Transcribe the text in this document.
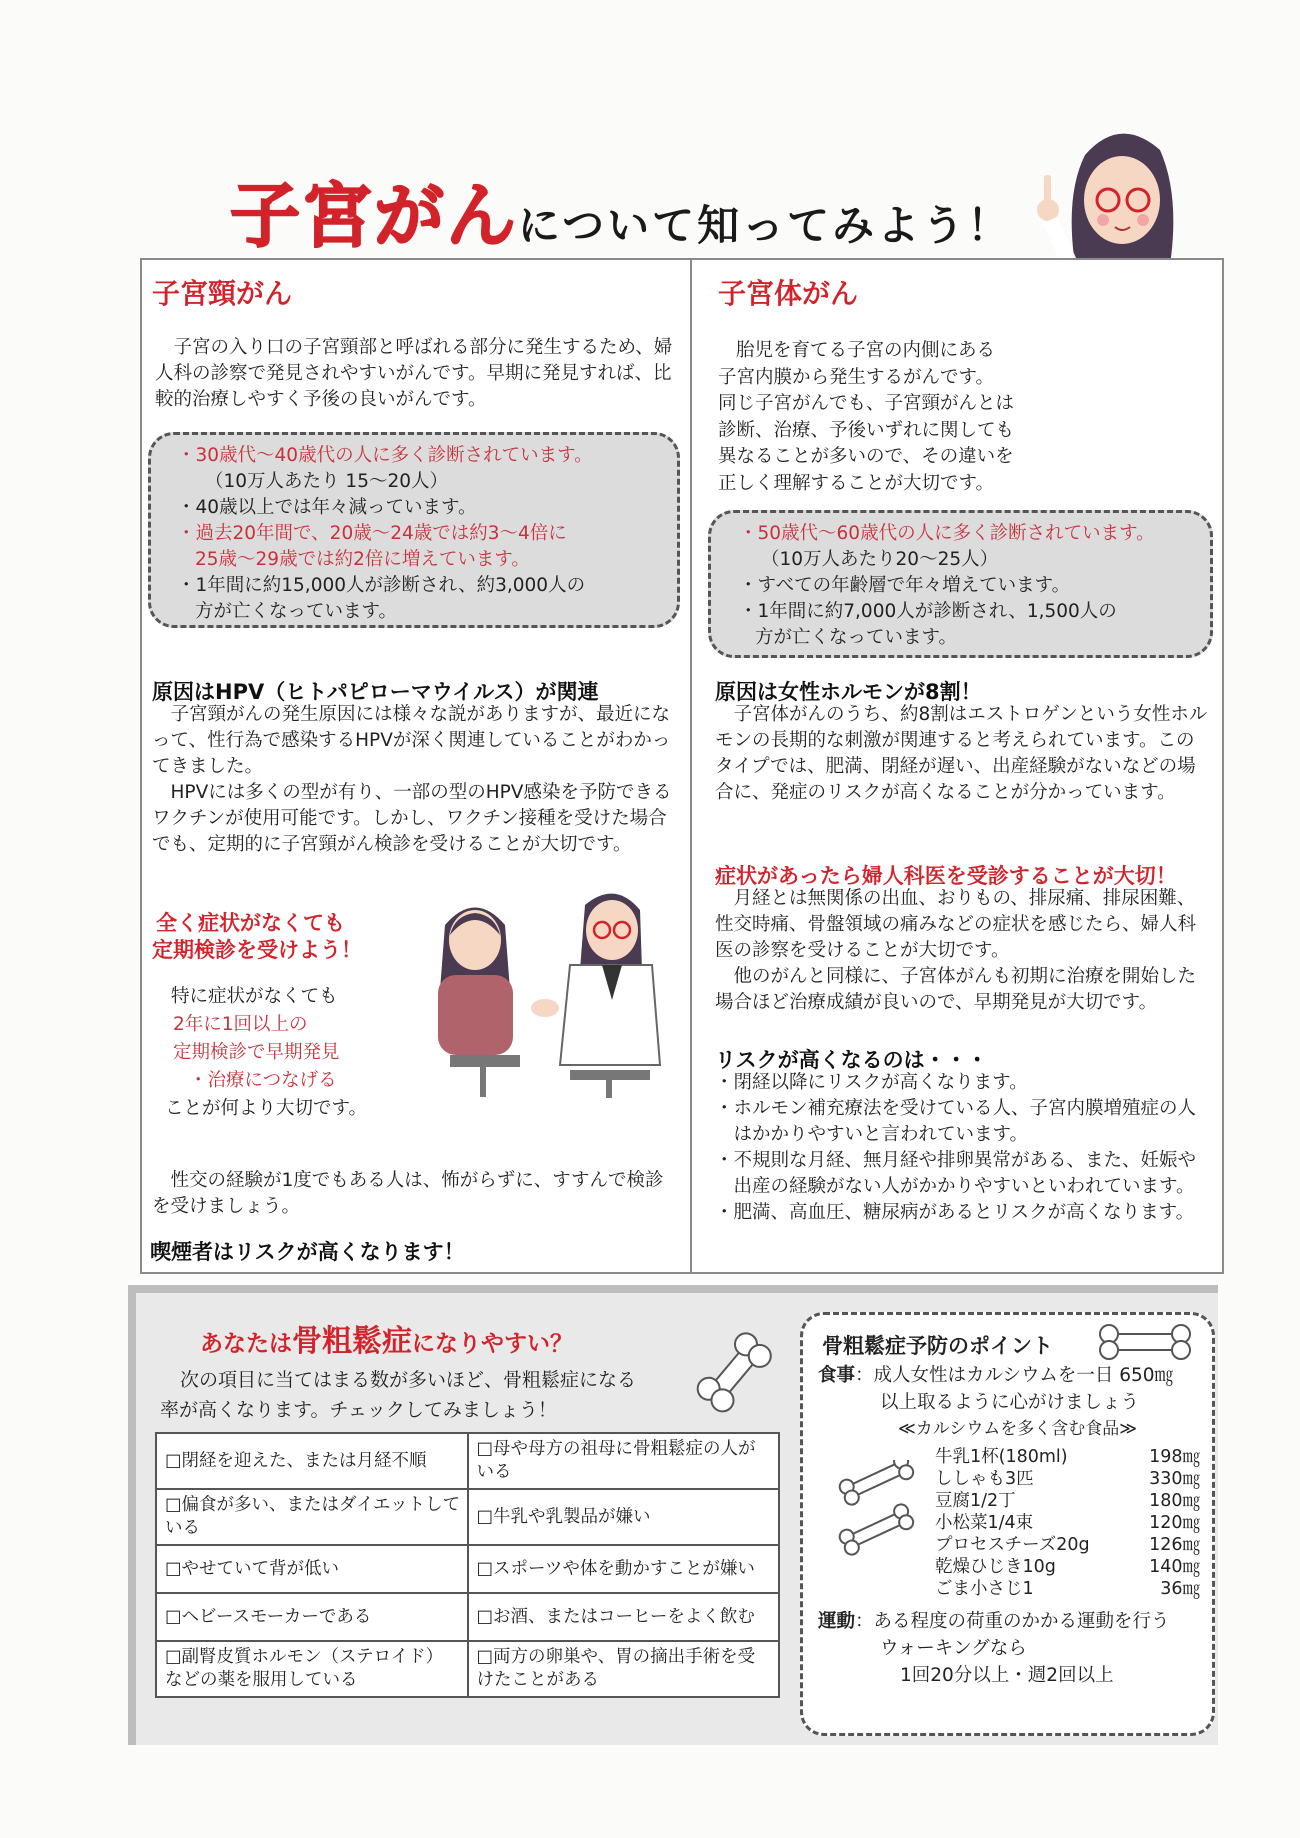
子宮がんについて知ってみよう！
子宮頸がん

子宮の入り口の子宮頸部と呼ばれる部分に発生するため、婦人科の診察で発見されやすいがんです。早期に発見すれば、比較的治療しやすく予後の良いがんです。

・30歳代～40歳代の人に多く診断されています。
（10万人あたり 15～20人）
・40歳以上では年々減っています。
・過去20年間で、20歳～24歳では約3～4倍に
25歳～29歳では約2倍に増えています。
・1年間に約15,000人が診断され、約3,000人の
方が亡くなっています。
原因はHPV（ヒトパピローマウイルス）が関連

子宮頸がんの発生原因には様々な説がありますが、最近になって、性行為で感染するHPVが深く関連していることがわかってきました。

HPVには多くの型が有り、一部の型のHPV感染を予防できるワクチンが使用可能です。しかし、ワクチン接種を受けた場合でも、定期的に子宮頸がん検診を受けることが大切です。

全く症状がなくても
定期検診を受けよう！
特に症状がなくても
2年に1回以上の
定期検診で早期発見
・治療につなげる
ことが何より大切です。

性交の経験が1度でもある人は、怖がらずに、すすんで検診を受けましょう。

喫煙者はリスクが高くなります！
子宮体がん
胎児を育てる子宮の内側にある
子宮内膜から発生するがんです。
同じ子宮がんでも、子宮頸がんとは
診断、治療、予後いずれに関しても
異なることが多いので、その違いを
正しく理解することが大切です。
・50歳代～60歳代の人に多く診断されています。
（10万人あたり20～25人）
・すべての年齢層で年々増えています。
・1年間に約7,000人が診断され、1,500人の
方が亡くなっています。
原因は女性ホルモンが8割！

子宮体がんのうち、約8割はエストロゲンという女性ホルモンの長期的な刺激が関連すると考えられています。このタイプでは、肥満、閉経が遅い、出産経験がないなどの場合に、発症のリスクが高くなることが分かっています。

症状があったら婦人科医を受診することが大切！

月経とは無関係の出血、おりもの、排尿痛、排尿困難、性交時痛、骨盤領域の痛みなどの症状を感じたら、婦人科医の診察を受けることが大切です。

他のがんと同様に、子宮体がんも初期に治療を開始した場合ほど治療成績が良いので、早期発見が大切です。

リスクが高くなるのは・・・
・閉経以降にリスクが高くなります。
・ホルモン補充療法を受けている人、子宮内膜増殖症の人はかかりやすいと言われています。
・不規則な月経、無月経や排卵異常がある、また、妊娠や出産の経験がない人がかかりやすいといわれています。
・肥満、高血圧、糖尿病があるとリスクが高くなります。
あなたは骨粗鬆症になりやすい？
次の項目に当てはまる数が多いほど、骨粗鬆症になる
率が高くなります。チェックしてみましょう！
□閉経を迎えた、または月経不順	□母や母方の祖母に骨粗鬆症の人がいる
□偏食が多い、またはダイエットしている	□牛乳や乳製品が嫌い
□やせていて背が低い	□スポーツや体を動かすことが嫌い
□ヘビースモーカーである	□お酒、またはコーヒーをよく飲む
□副腎皮質ホルモン（ステロイド）などの薬を服用している	□両方の卵巣や、胃の摘出手術を受けたことがある
骨粗鬆症予防のポイント
食事：成人女性はカルシウムを一日 650㎎
以上取るように心がけましょう
≪カルシウムを多く含む食品≫
牛乳1杯(180ml)	198㎎
ししゃも3匹	330㎎
豆腐1/2丁	180㎎
小松菜1/4束	120㎎
プロセスチーズ20g	126㎎
乾燥ひじき10g	140㎎
ごま小さじ1	36㎎
運動：ある程度の荷重のかかる運動を行う
ウォーキングなら
1回20分以上・週2回以上
